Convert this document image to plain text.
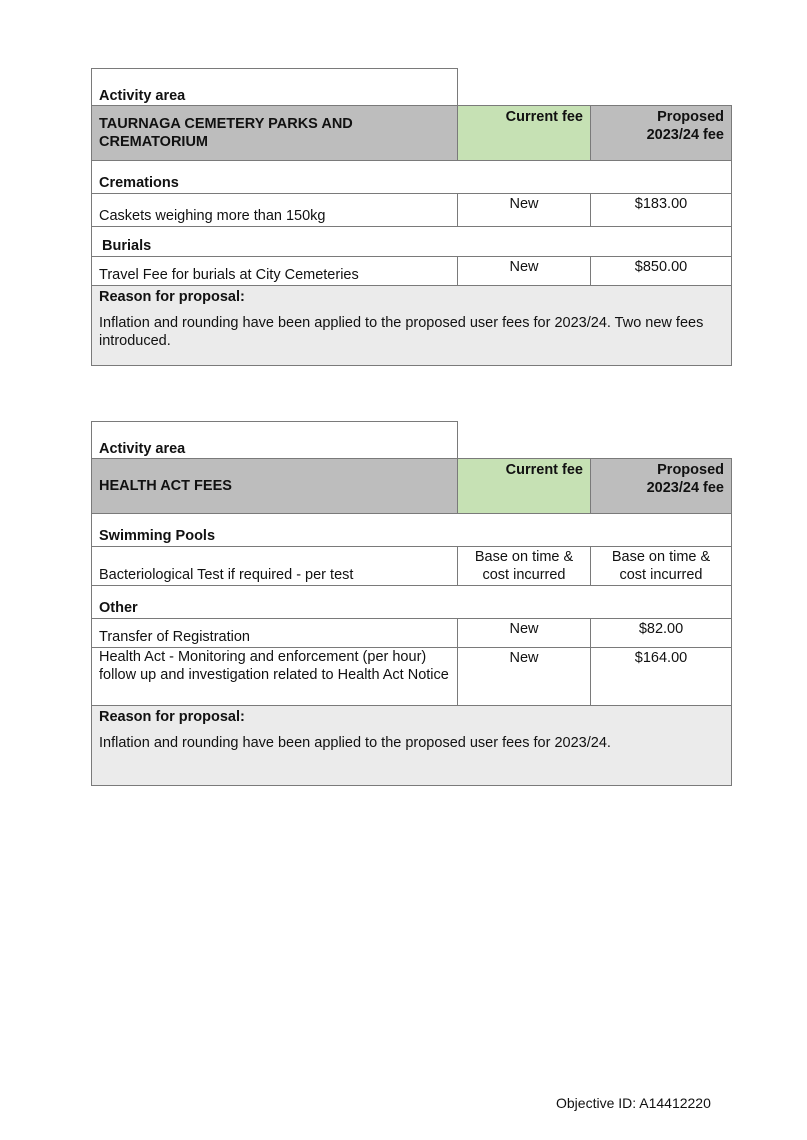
Activity area		
TAURNAGA CEMETERY PARKS AND CREMATORIUM	Current fee	Proposed
2023/24 fee
Cremations		
Caskets weighing more than 150kg	New	$183.00
Burials		
Travel Fee for burials at City Cemeteries	New	$850.00

Reason for proposal:
Inflation and rounding have been applied to the proposed user fees for 2023/24. Two new fees introduced.		
Activity area		
HEALTH ACT FEES	Current fee	Proposed
2023/24 fee
Swimming Pools		
Bacteriological Test if required - per test	Base on time & cost incurred	Base on time & cost incurred
Other		
Transfer of Registration	New	$82.00
Health Act - Monitoring and enforcement (per hour) follow up and investigation related to Health Act Notice	New	$164.00

Reason for proposal:
Inflation and rounding have been applied to the proposed user fees for 2023/24.		
Objective ID: A14412220
